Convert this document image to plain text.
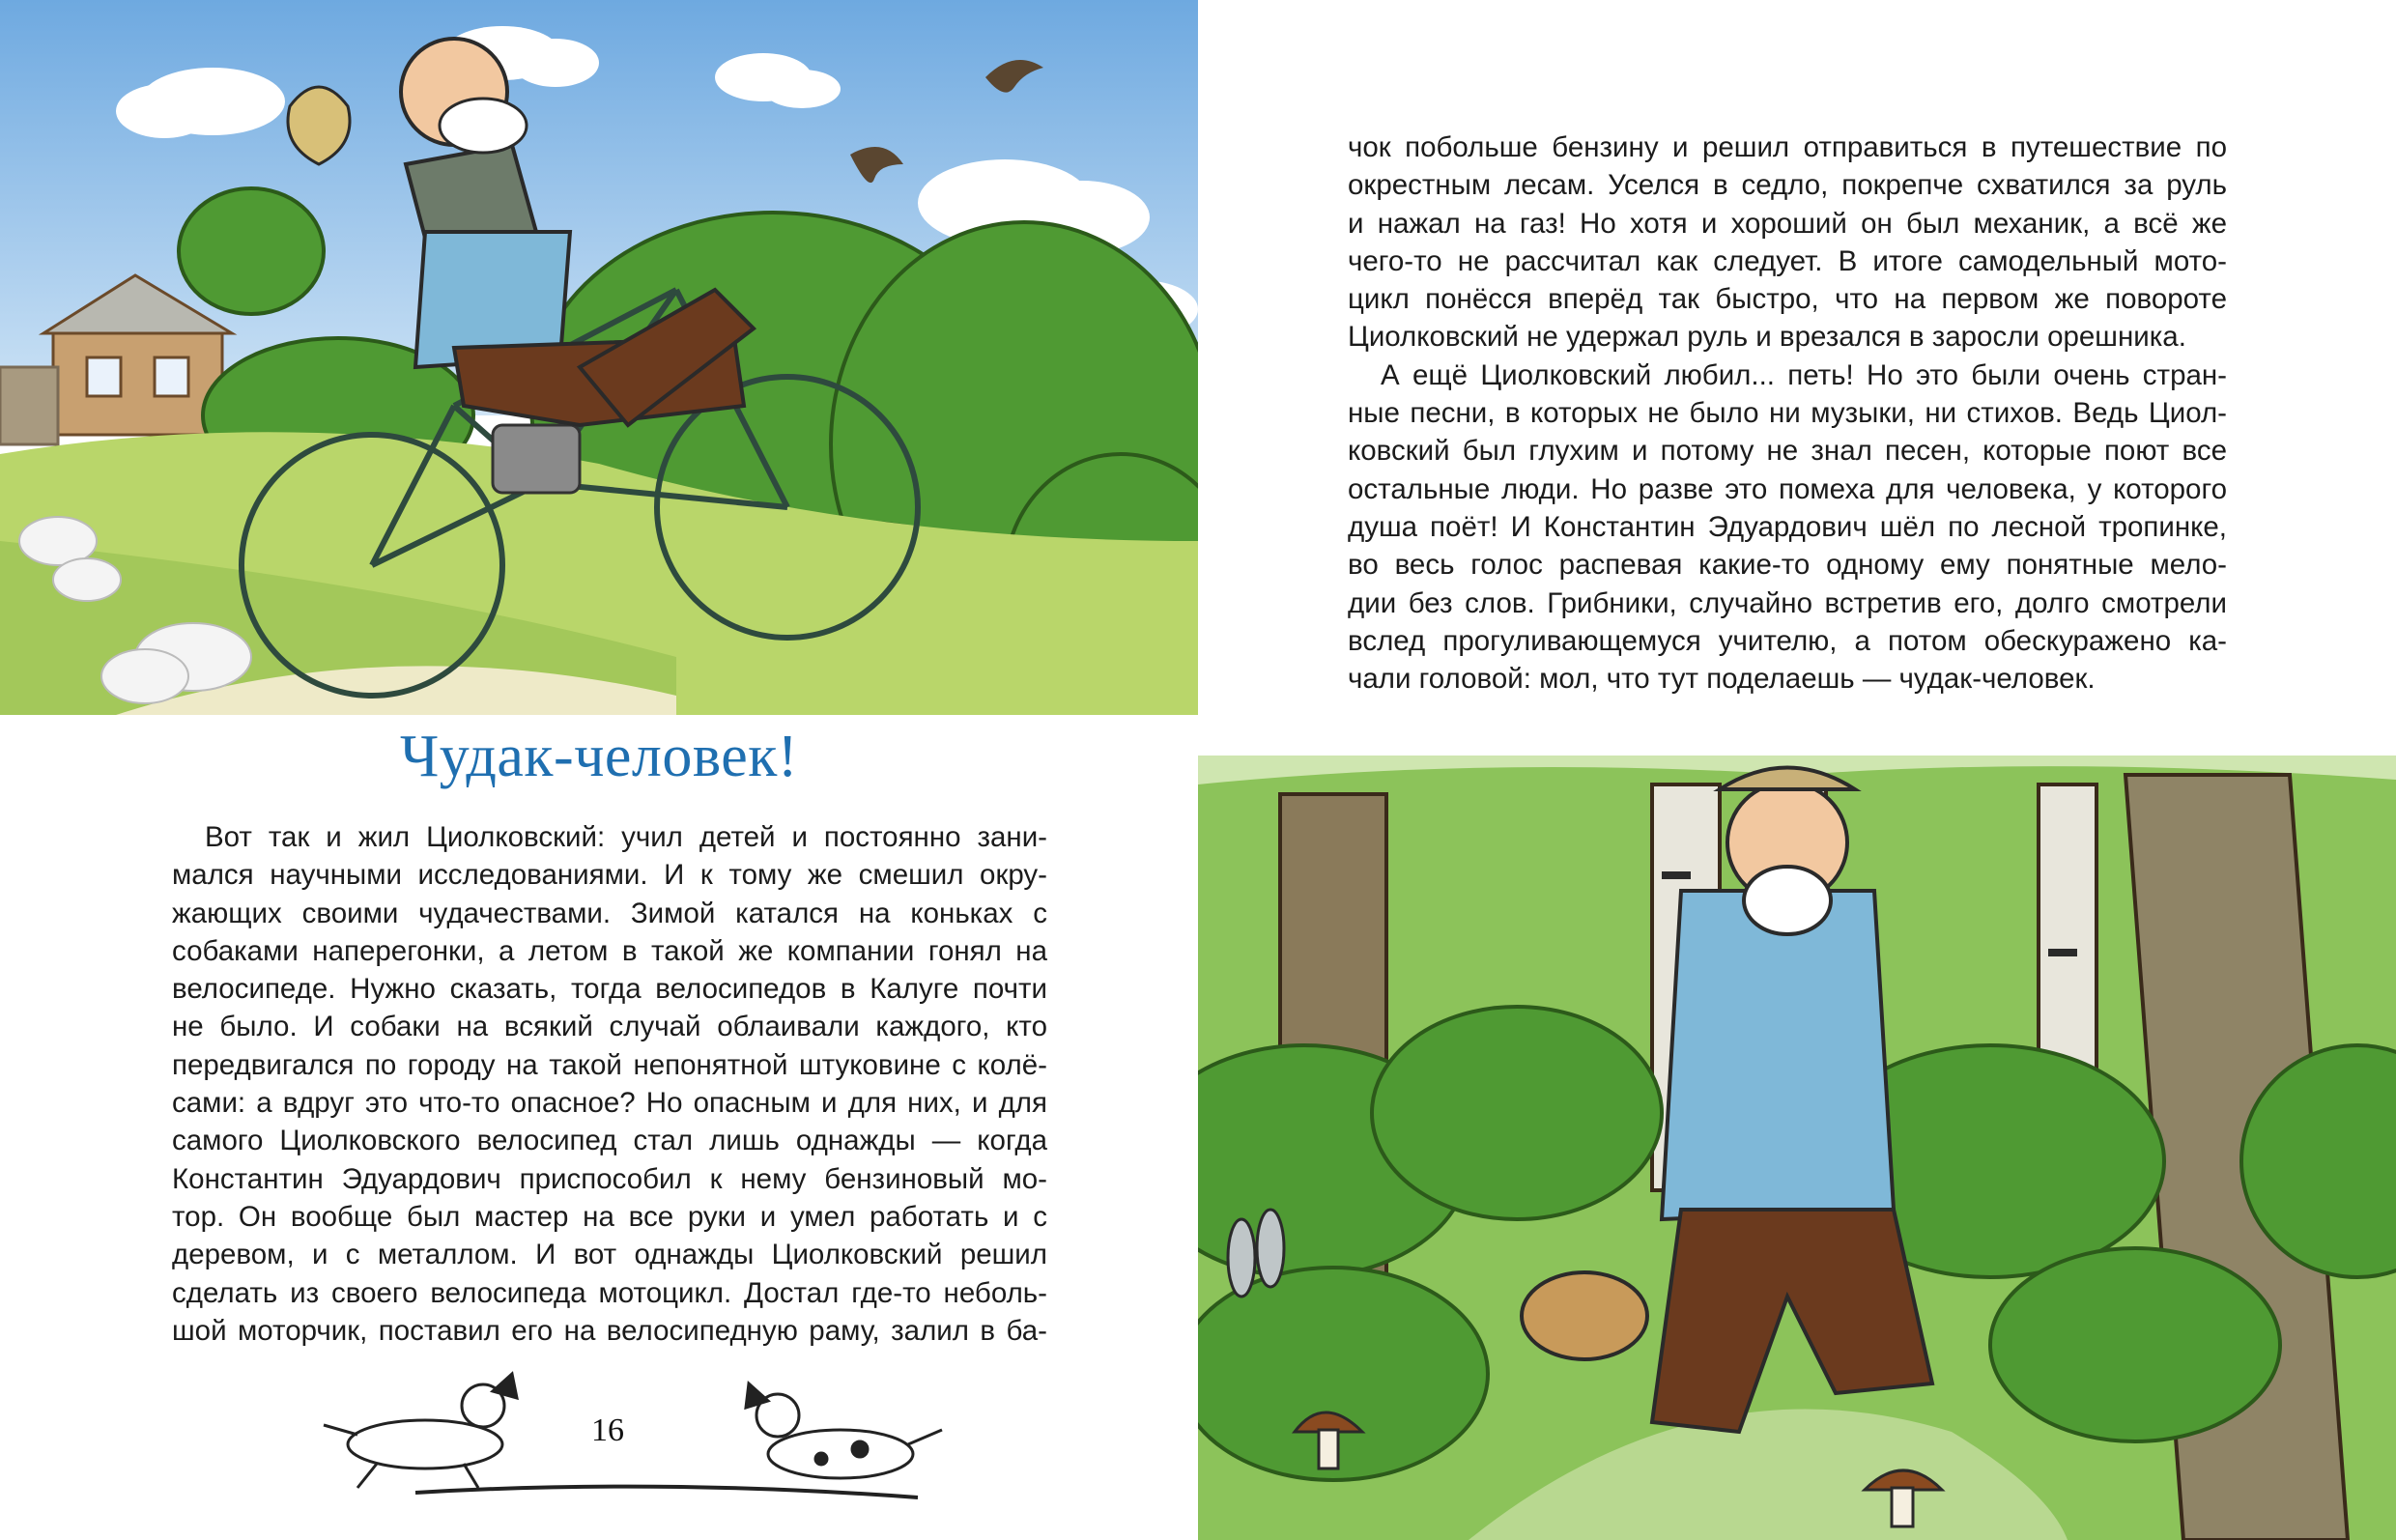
Чудак-человек!
Вот так и жил Циолковский: учил детей и постоянно зани-
мался научными исследованиями. И к тому же смешил окру-
жающих своими чудачествами. Зимой катался на коньках с
собаками наперегонки, а летом в такой же компании гонял на
велосипеде. Нужно сказать, тогда велосипедов в Калуге почти
не было. И собаки на всякий случай облаивали каждого, кто
передвигался по городу на такой непонятной штуковине с колё-
сами: а вдруг это что-то опасное? Но опасным и для них, и для
самого Циолковского велосипед стал лишь однажды — когда
Константин Эдуардович приспособил к нему бензиновый мо-
тор. Он вообще был мастер на все руки и умел работать и с
деревом, и с металлом. И вот однажды Циолковский решил
сделать из своего велосипеда мотоцикл. Достал где-то неболь-
шой моторчик, поставил его на велосипедную раму, залил в ба-
16
чок побольше бензину и решил отправиться в путешествие по
окрестным лесам. Уселся в седло, покрепче схватился за руль
и нажал на газ! Но хотя и хороший он был механик, а всё же
чего-то не рассчитал как следует. В итоге самодельный мото-
цикл понёсся вперёд так быстро, что на первом же повороте
Циолковский не удержал руль и врезался в заросли орешника.
А ещё Циолковский любил... петь! Но это были очень стран-
ные песни, в которых не было ни музыки, ни стихов. Ведь Циол-
ковский был глухим и потому не знал песен, которые поют все
остальные люди. Но разве это помеха для человека, у которого
душа поёт! И Константин Эдуардович шёл по лесной тропинке,
во весь голос распевая какие-то одному ему понятные мело-
дии без слов. Грибники, случайно встретив его, долго смотрели
вслед прогуливающемуся учителю, а потом обескуражено ка-
чали головой: мол, что тут поделаешь — чудак-человек.
